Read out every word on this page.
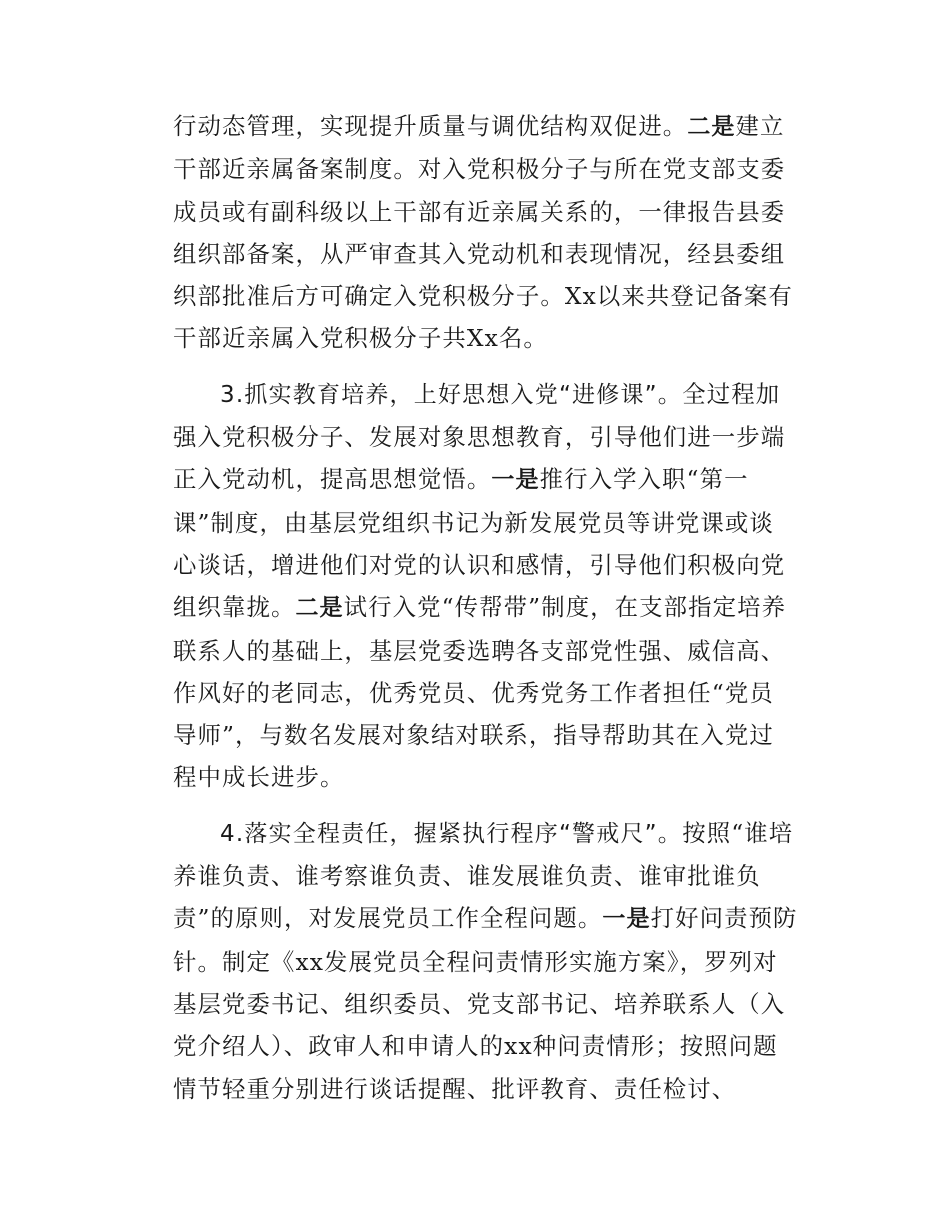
行动态管理，实现提升质量与调优结构双促进。二是建立干部近亲属备案制度。对入党积极分子与所在党支部支委成员或有副科级以上干部有近亲属关系的，一律报告县委组织部备案，从严审查其入党动机和表现情况，经县委组织部批准后方可确定入党积极分子。Xx以来共登记备案有干部近亲属入党积极分子共Xx名。

3.抓实教育培养，上好思想入党“进修课”。全过程加强入党积极分子、发展对象思想教育，引导他们进一步端正入党动机，提高思想觉悟。一是推行入学入职“第一课”制度，由基层党组织书记为新发展党员等讲党课或谈心谈话，增进他们对党的认识和感情，引导他们积极向党组织靠拢。二是试行入党“传帮带”制度，在支部指定培养联系人的基础上，基层党委选聘各支部党性强、威信高、作风好的老同志，优秀党员、优秀党务工作者担任“党员导师”，与数名发展对象结对联系，指导帮助其在入党过程中成长进步。

4.落实全程责任，握紧执行程序“警戒尺”。按照“谁培养谁负责、谁考察谁负责、谁发展谁负责、谁审批谁负责”的原则，对发展党员工作全程问题。一是打好问责预防针。制定《xx发展党员全程问责情形实施方案》，罗列对基层党委书记、组织委员、党支部书记、培养联系人（入党介绍人）、政审人和申请人的xx种问责情形；按照问题情节轻重分别进行谈话提醒、批评教育、责任检讨、
